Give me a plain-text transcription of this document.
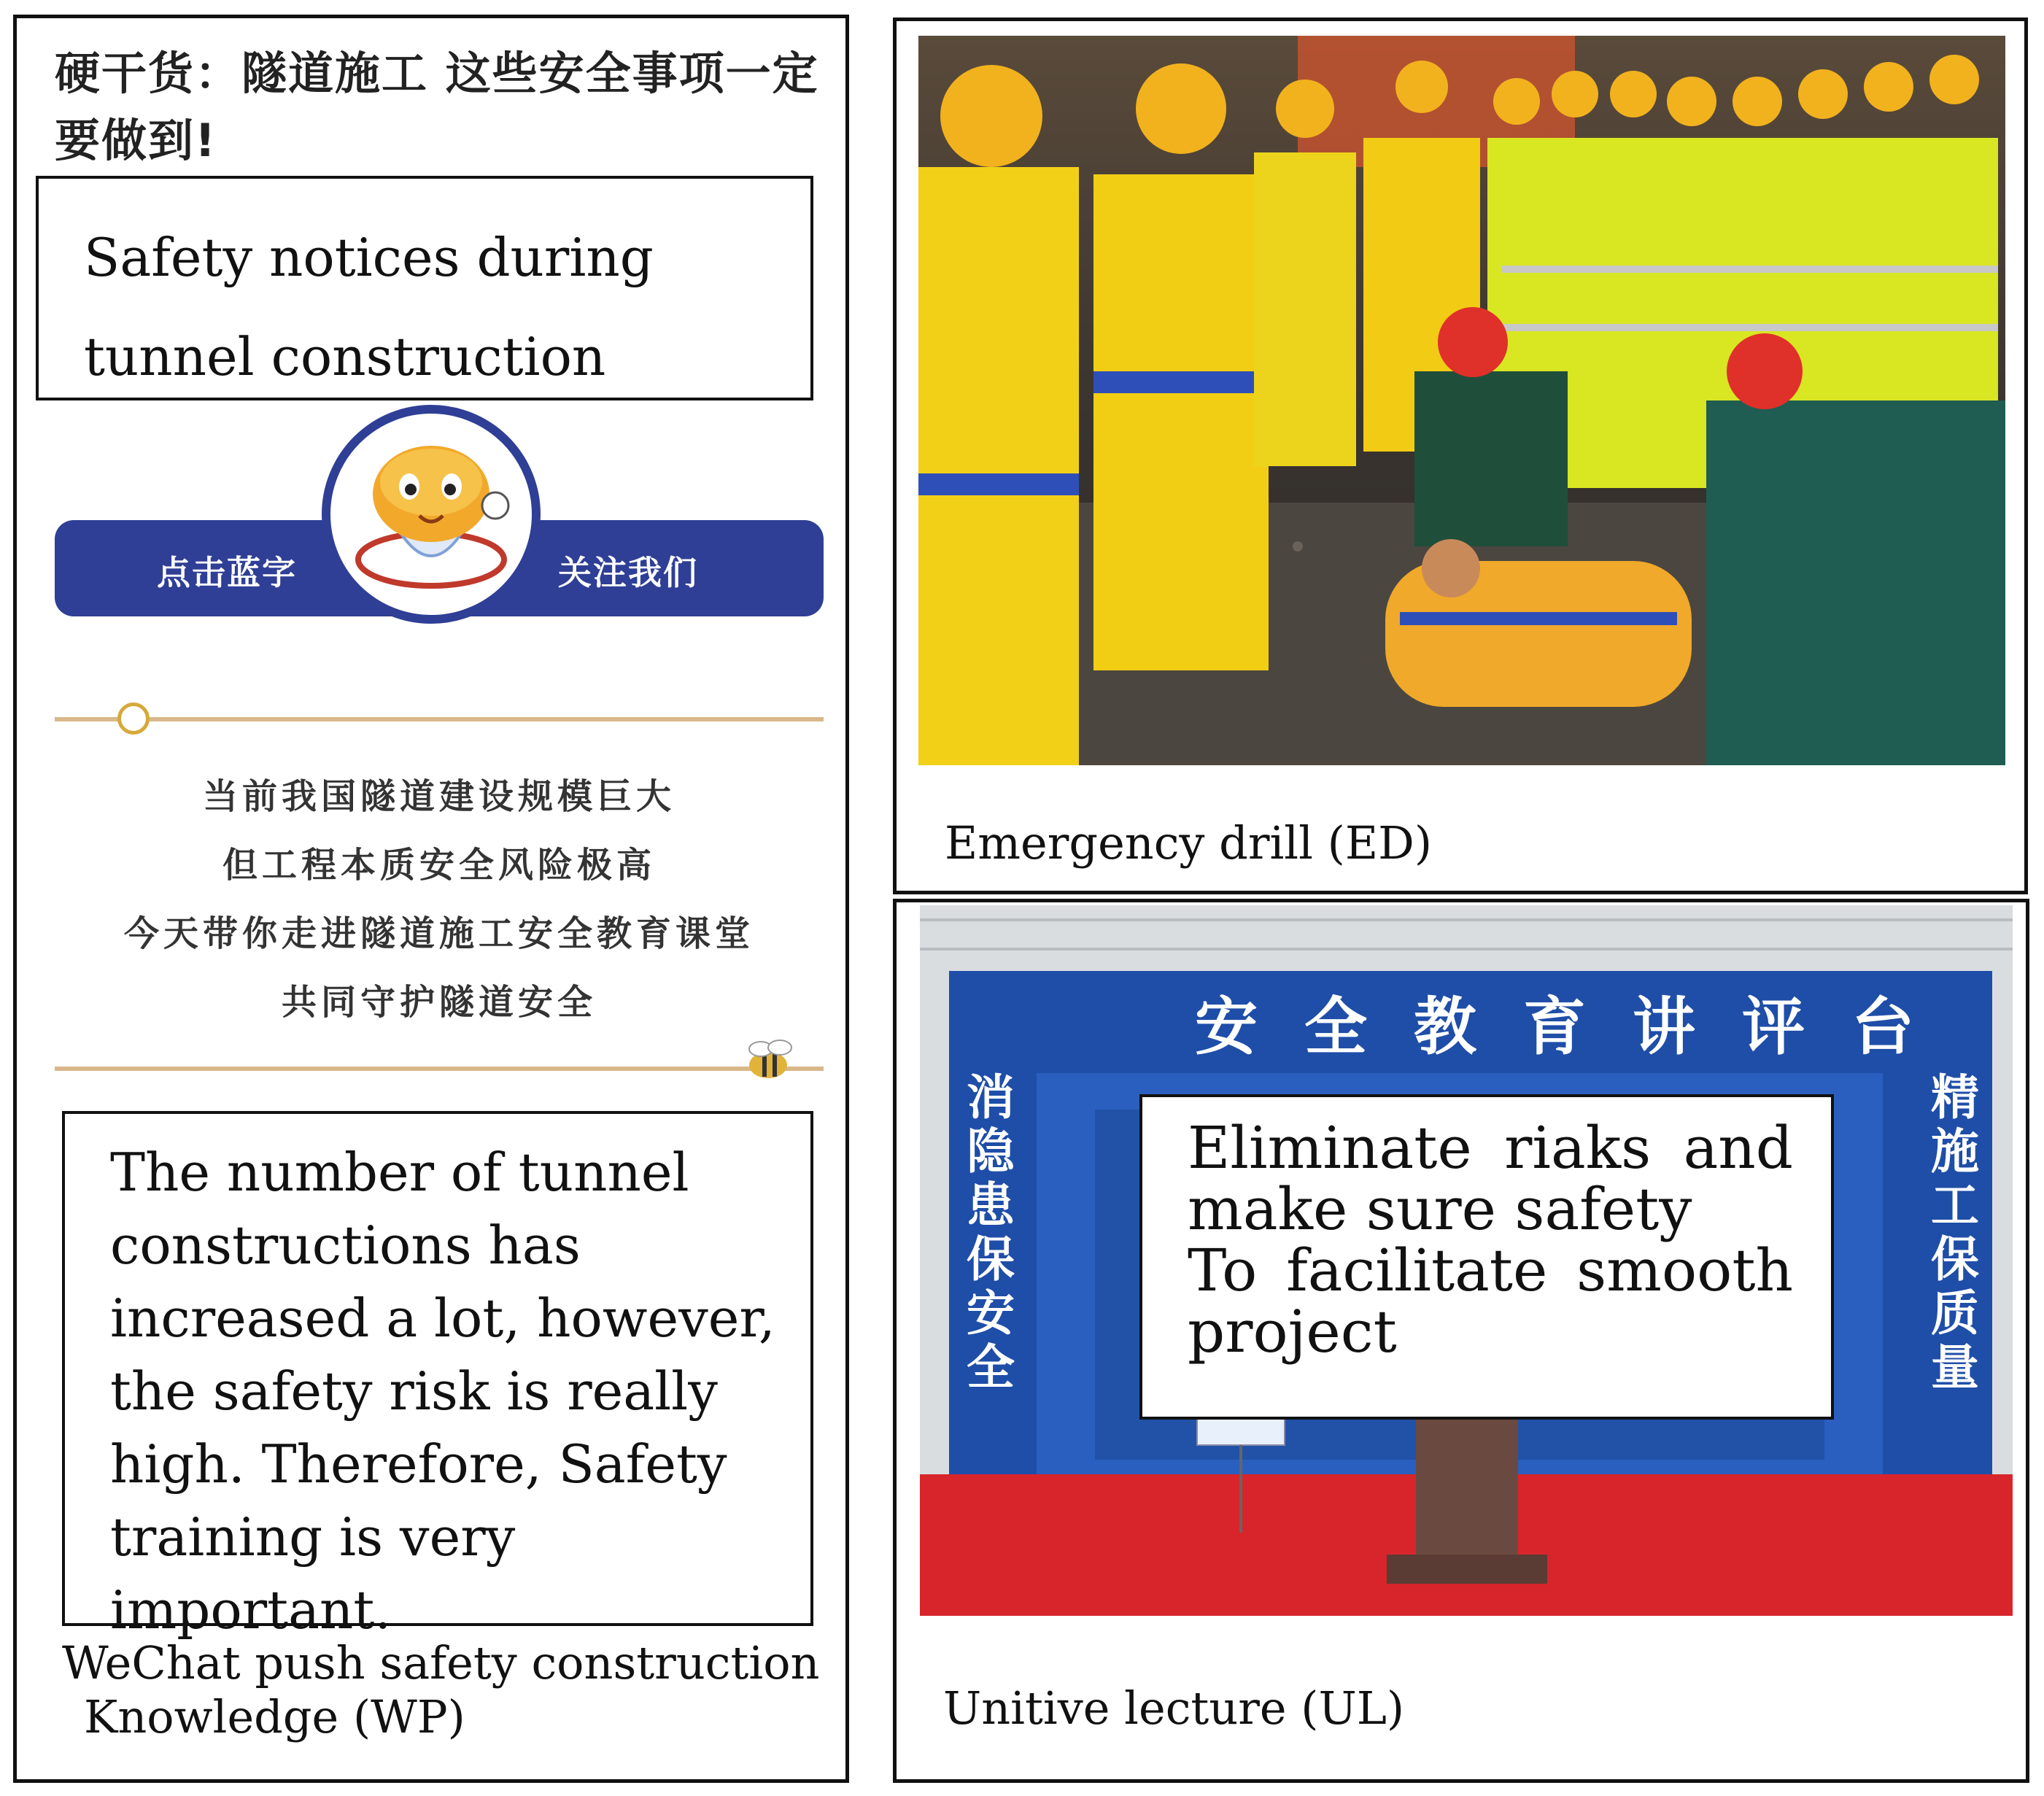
硬干货：隧道施工 这些安全事项一定要做到!
Safety notices during tunnel construction
点击蓝字	关注我们
当前我国隧道建设规模巨大
但工程本质安全风险极高
今天带你走进隧道施工安全教育课堂
共同守护隧道安全
The number of tunnel constructions has increased a lot, however, the safety risk is really high. Therefore, Safety training is very important.
WeChat push safety construction
Knowledge (WP)
Emergency drill (ED)
Unitive lecture (UL)
安全教育讲评台
消隐患保安全
精施工保质量
Eliminate riaks and make sure safety
To facilitate smooth project
